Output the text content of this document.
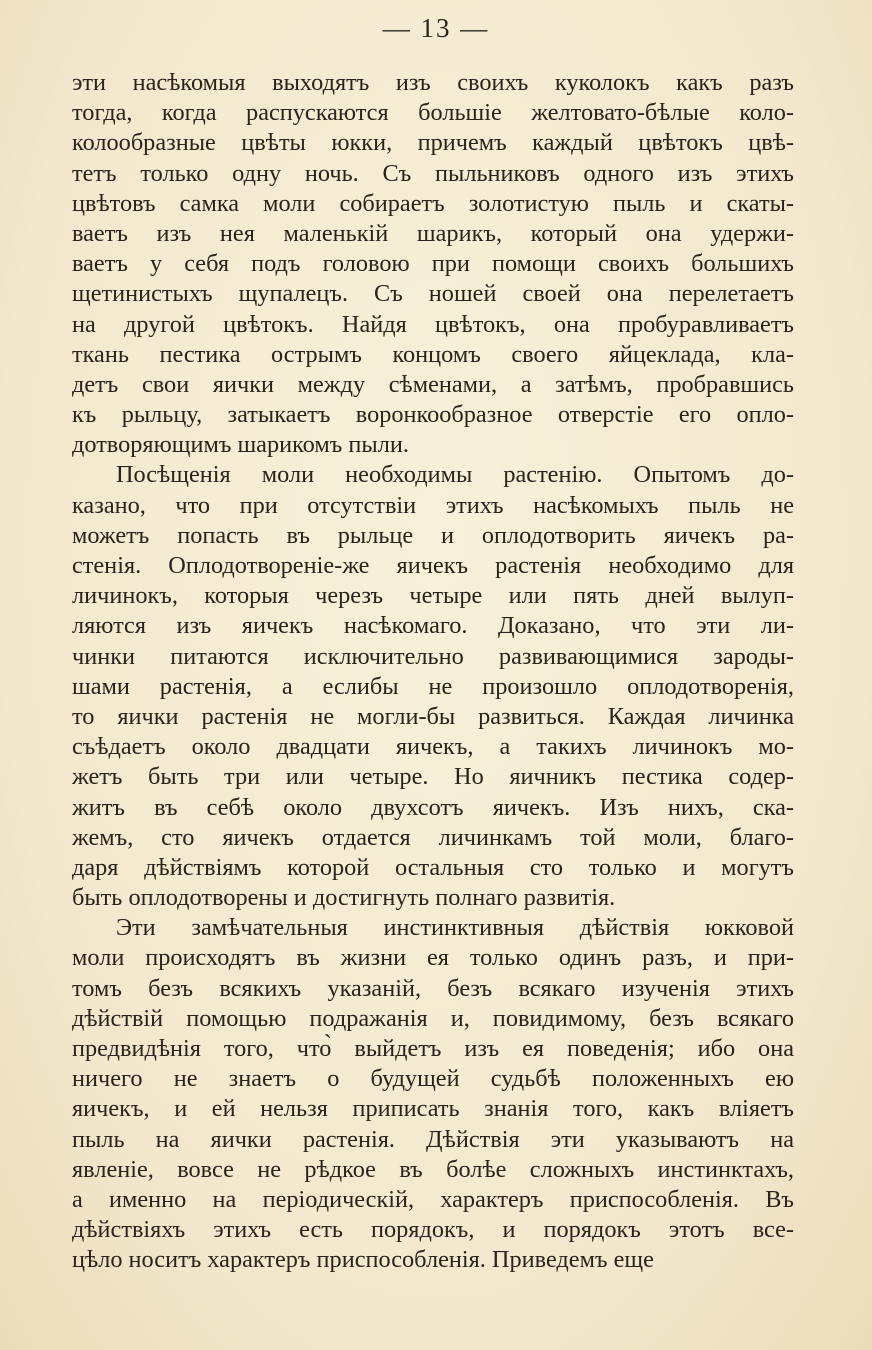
— 13 —
эти насѣкомыя выходятъ изъ своихъ куколокъ какъ разъ
тогда, когда распускаются большіе желтовато-бѣлые коло-
колообразные цвѣты юкки, причемъ каждый цвѣтокъ цвѣ-
тетъ только одну ночь. Съ пыльниковъ одного изъ этихъ
цвѣтовъ самка моли собираетъ золотистую пыль и скаты-
ваетъ изъ нея маленькій шарикъ, который она удержи-
ваетъ у себя подъ головою при помощи своихъ большихъ
щетинистыхъ щупалецъ. Съ ношей своей она перелетаетъ
на другой цвѣтокъ. Найдя цвѣтокъ, она пробуравливаетъ
ткань пестика острымъ концомъ своего яйцеклада, кла-
детъ свои яички между сѣменами, а затѣмъ, пробравшись
къ рыльцу, затыкаетъ воронкообразное отверстіе его опло-
дотворяющимъ шарикомъ пыли.
Посѣщенія моли необходимы растенію. Опытомъ до-
казано, что при отсутствіи этихъ насѣкомыхъ пыль не
можетъ попасть въ рыльце и оплодотворить яичекъ ра-
стенія. Оплодотвореніе-же яичекъ растенія необходимо для
личинокъ, которыя черезъ четыре или пять дней вылуп-
ляются изъ яичекъ насѣкомаго. Доказано, что эти ли-
чинки питаются исключительно развивающимися зароды-
шами растенія, а еслибы не произошло оплодотворенія,
то яички растенія не могли-бы развиться. Каждая личинка
съѣдаетъ около двадцати яичекъ, а такихъ личинокъ мо-
жетъ быть три или четыре. Но яичникъ пестика содер-
житъ въ себѣ около двухсотъ яичекъ. Изъ нихъ, ска-
жемъ, сто яичекъ отдается личинкамъ той моли, благо-
даря дѣйствіямъ которой остальныя сто только и могутъ
быть оплодотворены и достигнуть полнаго развитія.
Эти замѣчательныя инстинктивныя дѣйствія юкковой
моли происходятъ въ жизни ея только одинъ разъ, и при-
томъ безъ всякихъ указаній, безъ всякаго изученія этихъ
дѣйствій помощью подражанія и, повидимому, безъ всякаго
предвидѣнія того, что̀ выйдетъ изъ ея поведенія; ибо она
ничего не знаетъ о будущей судьбѣ положенныхъ ею
яичекъ, и ей нельзя приписать знанія того, какъ вліяетъ
пыль на яички растенія. Дѣйствія эти указываютъ на
явленіе, вовсе не рѣдкое въ болѣе сложныхъ инстинктахъ,
а именно на періодическій, характеръ приспособленія. Въ
дѣйствіяхъ этихъ есть порядокъ, и порядокъ этотъ все-
цѣло носитъ характеръ приспособленія. Приведемъ еще
